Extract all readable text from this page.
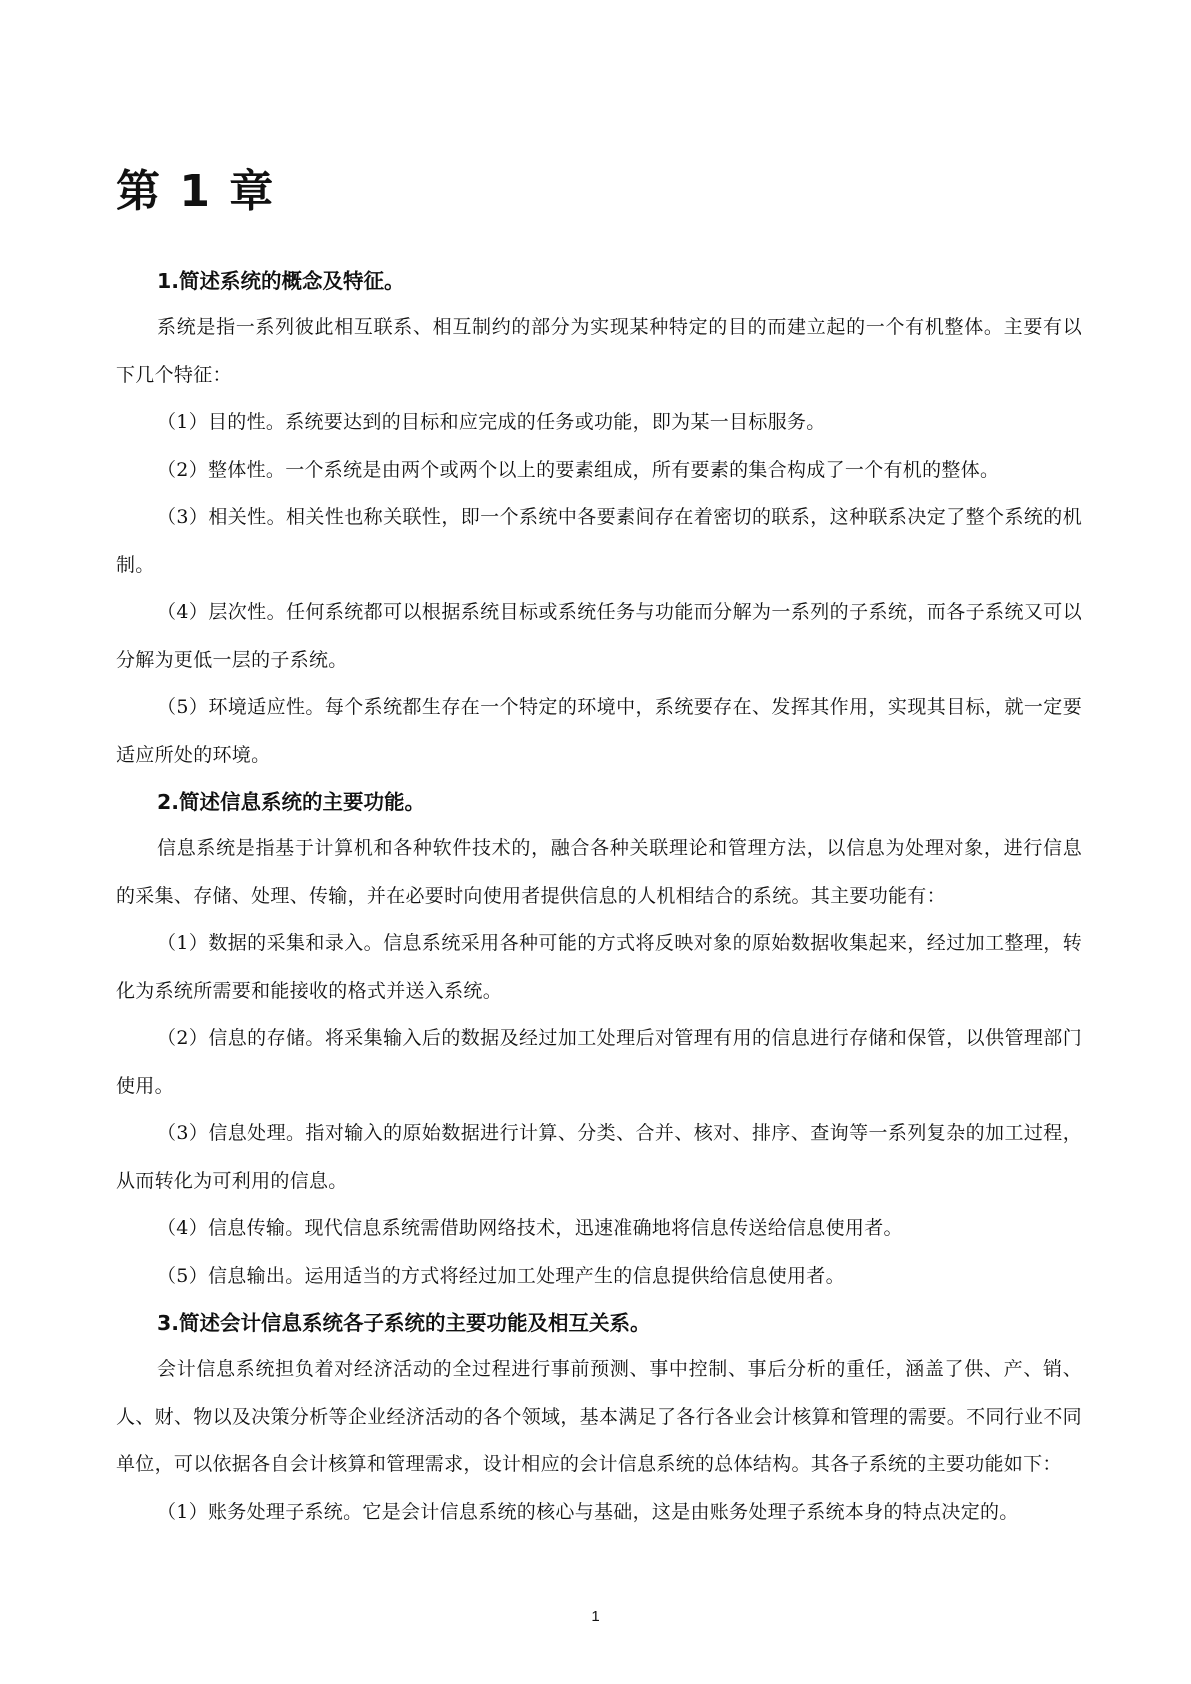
第 1 章
1.简述系统的概念及特征。

系统是指一系列彼此相互联系、相互制约的部分为实现某种特定的目的而建立起的一个有机整体。主要有以下几个特征：

（1）目的性。系统要达到的目标和应完成的任务或功能，即为某一目标服务。

（2）整体性。一个系统是由两个或两个以上的要素组成，所有要素的集合构成了一个有机的整体。

（3）相关性。相关性也称关联性，即一个系统中各要素间存在着密切的联系，这种联系决定了整个系统的机制。

（4）层次性。任何系统都可以根据系统目标或系统任务与功能而分解为一系列的子系统，而各子系统又可以分解为更低一层的子系统。

（5）环境适应性。每个系统都生存在一个特定的环境中，系统要存在、发挥其作用，实现其目标，就一定要适应所处的环境。

2.简述信息系统的主要功能。

信息系统是指基于计算机和各种软件技术的，融合各种关联理论和管理方法，以信息为处理对象，进行信息的采集、存储、处理、传输，并在必要时向使用者提供信息的人机相结合的系统。其主要功能有：

（1）数据的采集和录入。信息系统采用各种可能的方式将反映对象的原始数据收集起来，经过加工整理，转化为系统所需要和能接收的格式并送入系统。

（2）信息的存储。将采集输入后的数据及经过加工处理后对管理有用的信息进行存储和保管，以供管理部门使用。

（3）信息处理。指对输入的原始数据进行计算、分类、合并、核对、排序、查询等一系列复杂的加工过程，从而转化为可利用的信息。

（4）信息传输。现代信息系统需借助网络技术，迅速准确地将信息传送给信息使用者。

（5）信息输出。运用适当的方式将经过加工处理产生的信息提供给信息使用者。

3.简述会计信息系统各子系统的主要功能及相互关系。

会计信息系统担负着对经济活动的全过程进行事前预测、事中控制、事后分析的重任，涵盖了供、产、销、人、财、物以及决策分析等企业经济活动的各个领域，基本满足了各行各业会计核算和管理的需要。不同行业不同单位，可以依据各自会计核算和管理需求，设计相应的会计信息系统的总体结构。其各子系统的主要功能如下：

（1）账务处理子系统。它是会计信息系统的核心与基础，这是由账务处理子系统本身的特点决定的。

1
